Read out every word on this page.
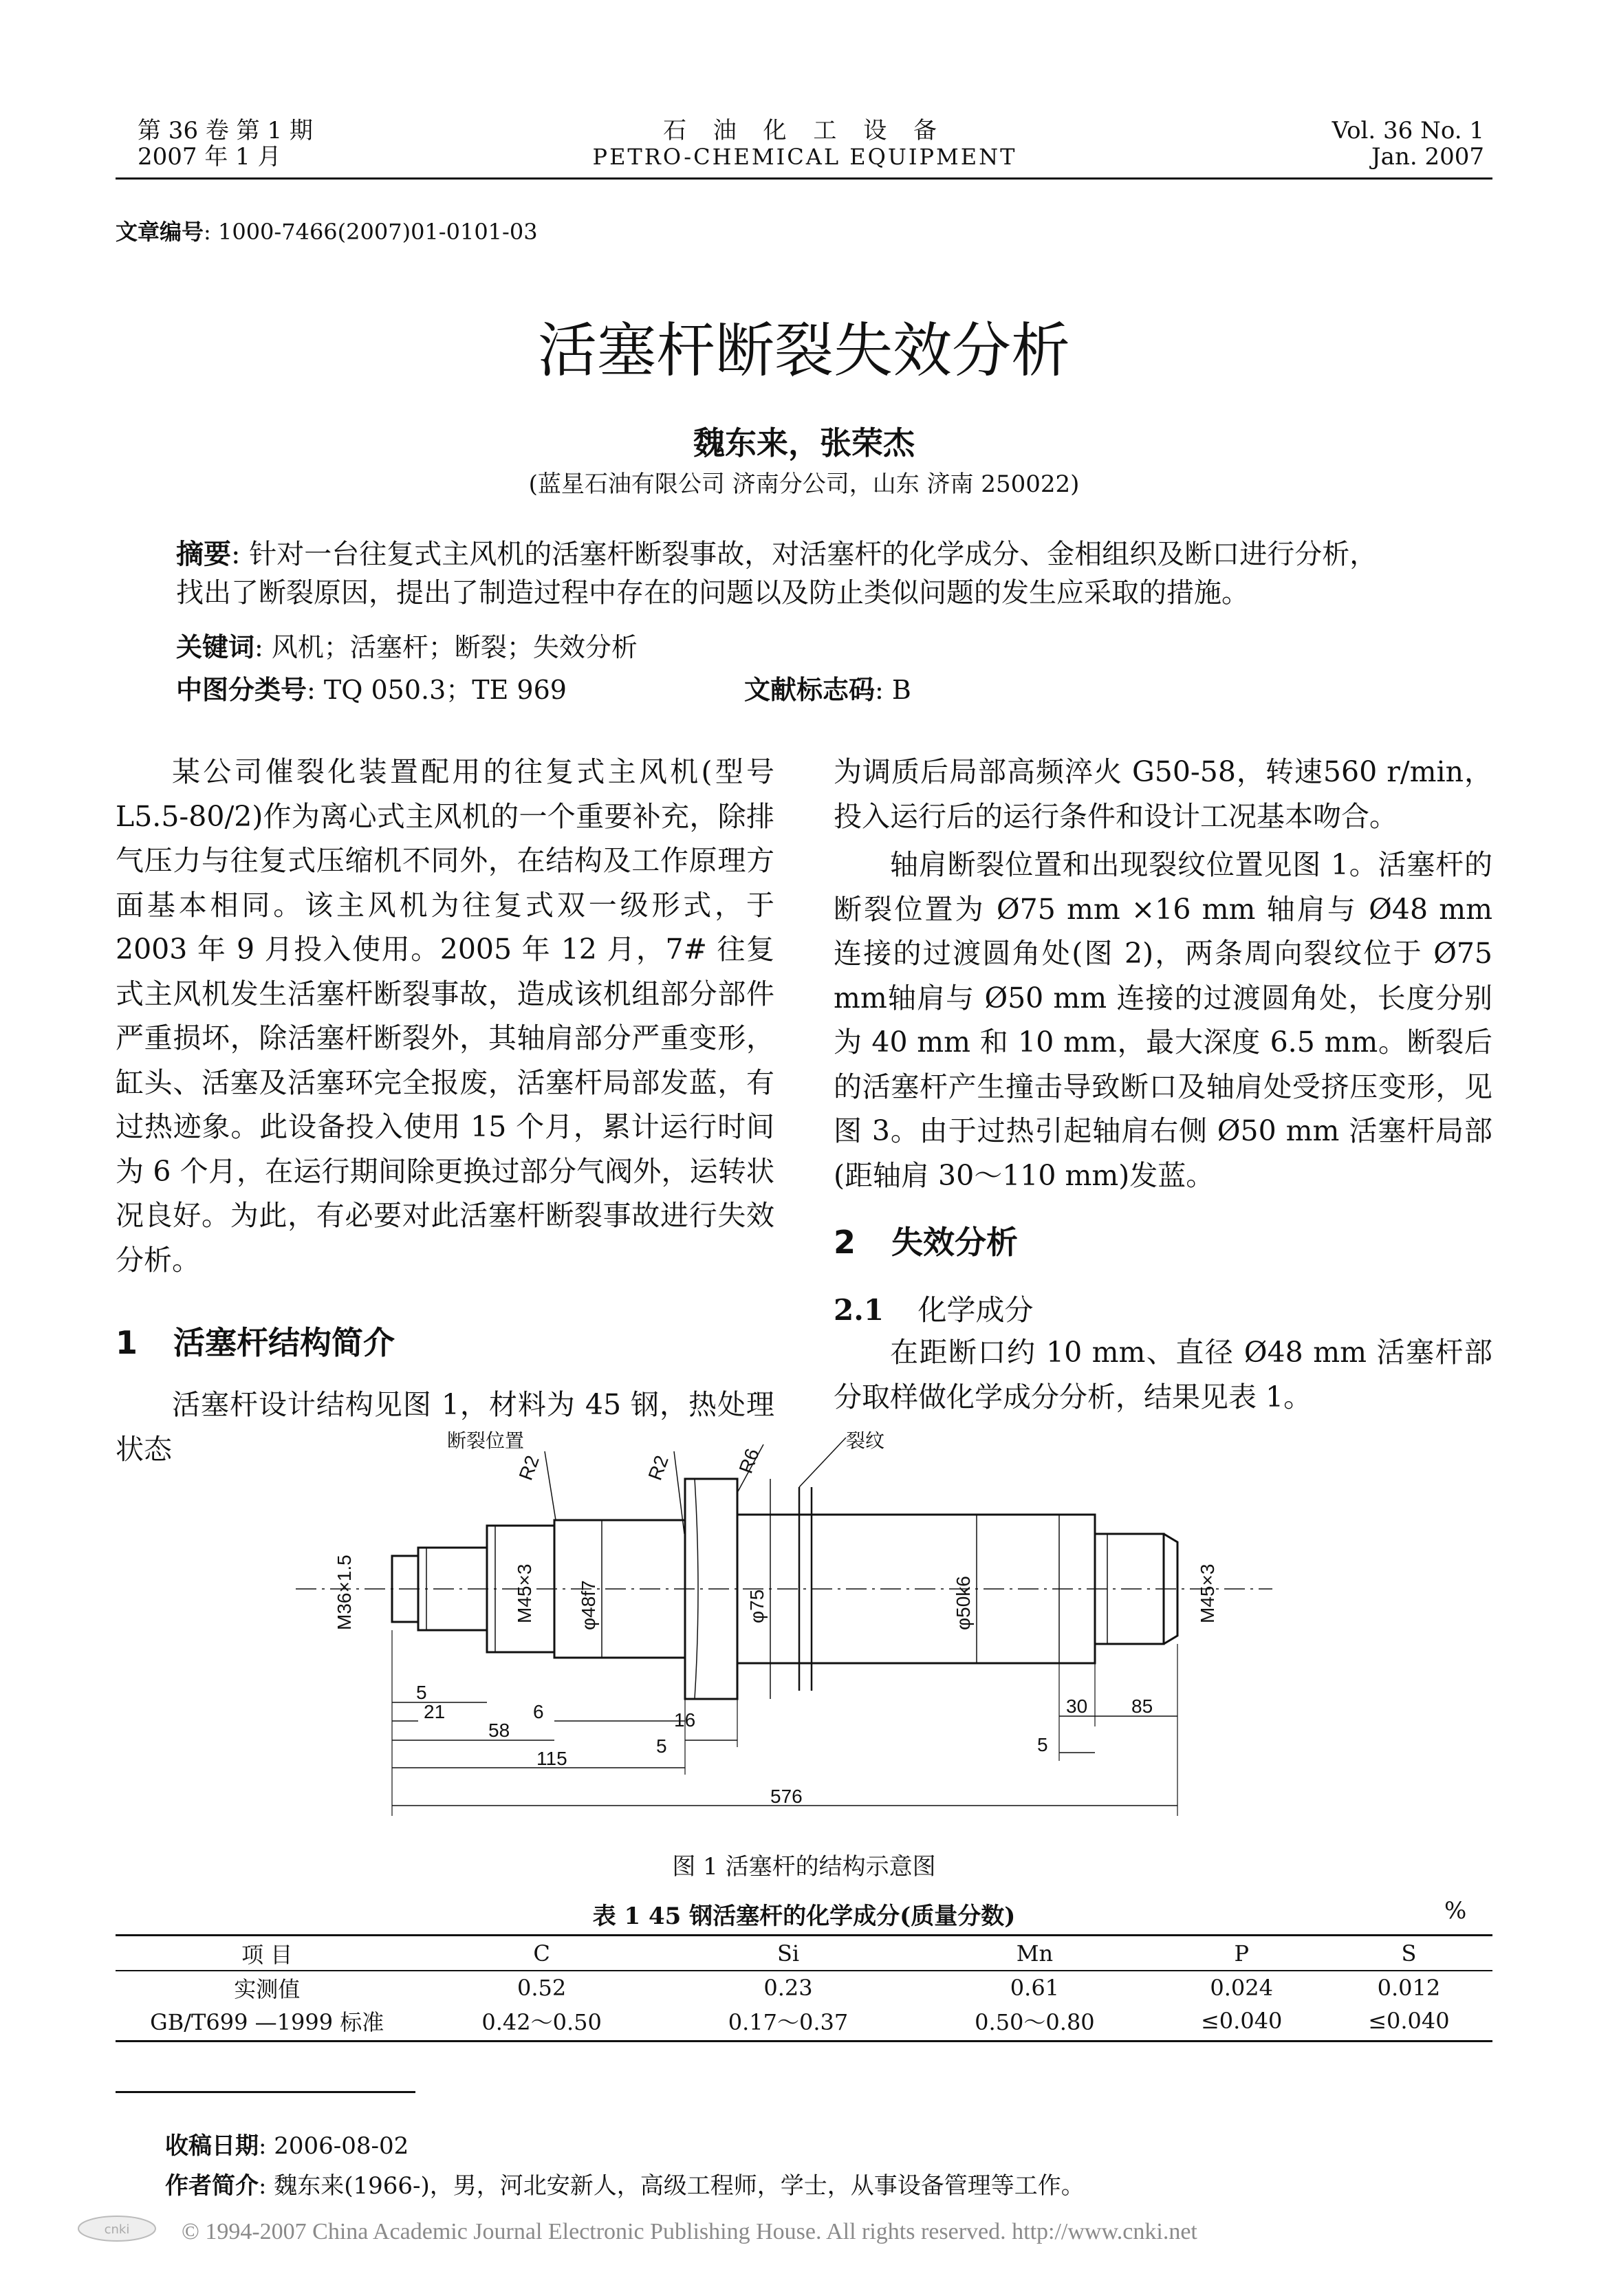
第 36 卷 第 1 期
2007 年 1 月
石 油 化 工 设 备
PETRO-CHEMICAL EQUIPMENT
Vol. 36 No. 1
Jan. 2007
文章编号: 1000-7466(2007)01-0101-03
活塞杆断裂失效分析
魏东来，张荣杰
(蓝星石油有限公司 济南分公司，山东 济南 250022)
摘要: 针对一台往复式主风机的活塞杆断裂事故，对活塞杆的化学成分、金相组织及断口进行分析，
找出了断裂原因，提出了制造过程中存在的问题以及防止类似问题的发生应采取的措施。
关键词: 风机；活塞杆；断裂；失效分析
中图分类号: TQ 050.3；TE 969	文献标志码: B

某公司催裂化装置配用的往复式主风机(型号 L5.5-80/2)作为离心式主风机的一个重要补充，除排气压力与往复式压缩机不同外，在结构及工作原理方面基本相同。该主风机为往复式双一级形式，于 2003 年 9 月投入使用。2005 年 12 月，7# 往复式主风机发生活塞杆断裂事故，造成该机组部分部件严重损坏，除活塞杆断裂外，其轴肩部分严重变形，缸头、活塞及活塞环完全报废，活塞杆局部发蓝，有过热迹象。此设备投入使用 15 个月，累计运行时间为 6 个月，在运行期间除更换过部分气阀外，运转状况良好。为此，有必要对此活塞杆断裂事故进行失效分析。

1 活塞杆结构简介

活塞杆设计结构见图 1，材料为 45 钢，热处理状态

为调质后局部高频淬火 G50-58，转速560 r/min，投入运行后的运行条件和设计工况基本吻合。

轴肩断裂位置和出现裂纹位置见图 1。活塞杆的断裂位置为 Ø75 mm ×16 mm 轴肩与 Ø48 mm 连接的过渡圆角处(图 2)，两条周向裂纹位于 Ø75 mm轴肩与 Ø50 mm 连接的过渡圆角处，长度分别为 40 mm 和 10 mm，最大深度 6.5 mm。断裂后的活塞杆产生撞击导致断口及轴肩处受挤压变形，见图 3。由于过热引起轴肩右侧 Ø50 mm 活塞杆局部(距轴肩 30～110 mm)发蓝。

2 失效分析
2.1 化学成分

在距断口约 10 mm、直径 Ø48 mm 活塞杆部分取样做化学成分分析，结果见表 1。

断裂位置	裂纹
R2	R2	R6
M36×1.5	M45×3 φ48f7	φ75	φ50k6	M45×3
5
21
58
6	16
5
115
576
30 85
5
图 1 活塞杆的结构示意图
表 1 45 钢活塞杆的化学成分(质量分数)	%
项 目	C	Si	Mn	P	S
实测值	0.52	0.23	0.61	0.024	0.012
GB/T699 —1999 标准	0.42～0.50	0.17～0.37	0.50～0.80	≤0.040	≤0.040
收稿日期: 2006-08-02
作者简介: 魏东来(1966-)，男，河北安新人，高级工程师，学士，从事设备管理等工作。
cnki © 1994-2007 China Academic Journal Electronic Publishing House. All rights reserved. http://www.cnki.net
